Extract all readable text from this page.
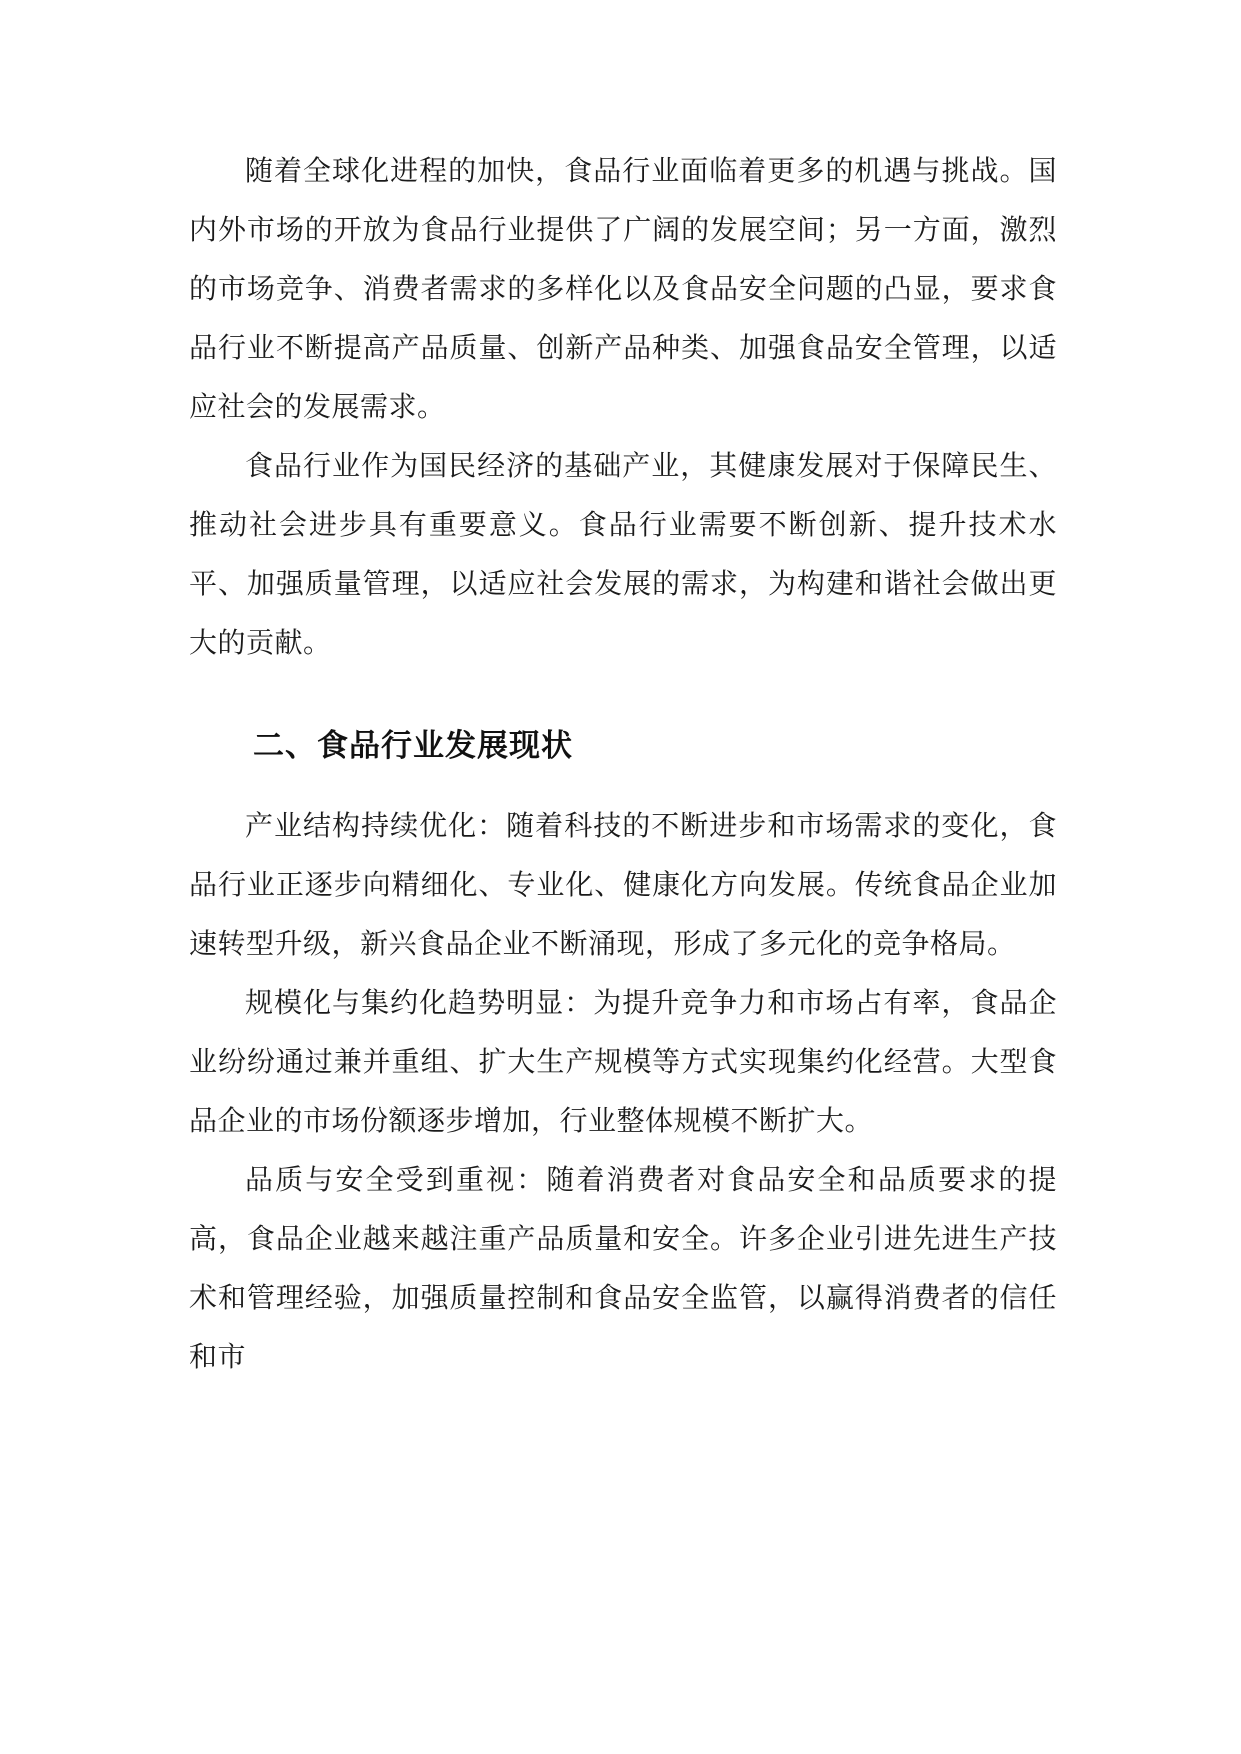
随着全球化进程的加快，食品行业面临着更多的机遇与挑战。国内外市场的开放为食品行业提供了广阔的发展空间；另一方面，激烈的市场竞争、消费者需求的多样化以及食品安全问题的凸显，要求食品行业不断提高产品质量、创新产品种类、加强食品安全管理，以适应社会的发展需求。

食品行业作为国民经济的基础产业，其健康发展对于保障民生、推动社会进步具有重要意义。食品行业需要不断创新、提升技术水平、加强质量管理，以适应社会发展的需求，为构建和谐社会做出更大的贡献。

二、食品行业发展现状

产业结构持续优化：随着科技的不断进步和市场需求的变化，食品行业正逐步向精细化、专业化、健康化方向发展。传统食品企业加速转型升级，新兴食品企业不断涌现，形成了多元化的竞争格局。

规模化与集约化趋势明显：为提升竞争力和市场占有率，食品企业纷纷通过兼并重组、扩大生产规模等方式实现集约化经营。大型食品企业的市场份额逐步增加，行业整体规模不断扩大。

品质与安全受到重视：随着消费者对食品安全和品质要求的提高，食品企业越来越注重产品质量和安全。许多企业引进先进生产技术和管理经验，加强质量控制和食品安全监管，以赢得消费者的信任和市
